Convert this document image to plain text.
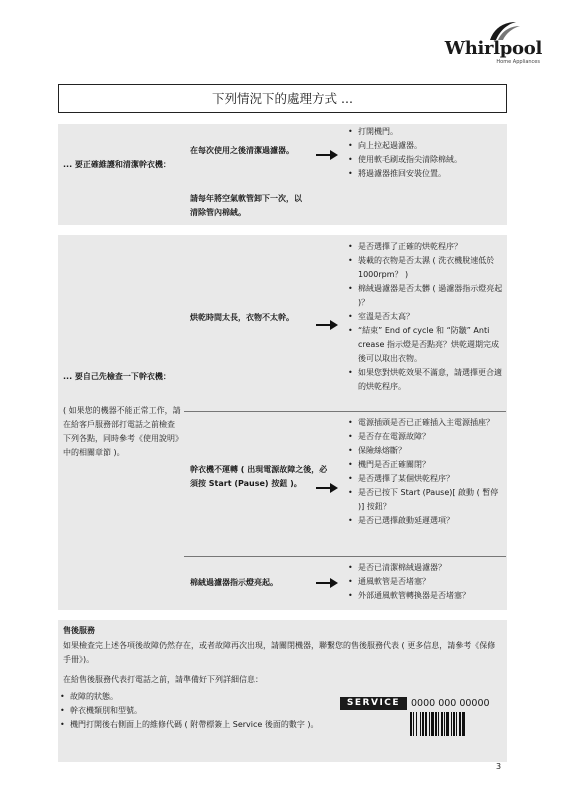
Whirlpool
Home Appliances
下列情況下的處理方式 ...
... 要正確維護和清潔幹衣機：
在每次使用之後清潔過濾器。
請每年將空氣軟管卸下一次，以清除管內棉絨。
• 打開機門。
• 向上拉起過濾器。
• 使用軟毛刷或指尖清除棉絨。
• 將過濾器推回安裝位置。
... 要自己先檢查一下幹衣機：
( 如果您的機器不能正常工作，請在給客戶服務部打電話之前檢查下列各點，同時參考《使用說明》中的相關章節 )。
烘乾時間太長，衣物不太幹。
• 是否選擇了正確的烘乾程序？
• 裝載的衣物是否太濕 ( 洗衣機脫速低於 1000rpm？ )
• 棉絨過濾器是否太髒 ( 過濾器指示燈亮起 )？
• 室溫是否太高？
• “結束” End of cycle 和 “防皺” Anti crease 指示燈是否點亮？烘乾週期完成後可以取出衣物。
• 如果您對烘乾效果不滿意，請選擇更合適的烘乾程序。
幹衣機不運轉 ( 出現電源故障之後，必須按 Start (Pause) 按鈕 )。
• 電源插頭是否已正確插入主電源插座？
• 是否存在電源故障？
• 保險絲熔斷？
• 機門是否正確關閉？
• 是否選擇了某個烘乾程序？
• 是否已按下 Start (Pause)[ 啟動 ( 暫停 )] 按鈕？
• 是否已選擇啟動延遲選項？
棉絨過濾器指示燈亮起。
• 是否已清潔棉絨過濾器？
• 通風軟管是否堵塞？
• 外部通風軟管轉換器是否堵塞？
售後服務
如果檢查完上述各項後故障仍然存在，或者故障再次出現，請關閉機器，聯繫您的售後服務代表 ( 更多信息，請參考《保修手冊》)。
在給售後服務代表打電話之前，請準備好下列詳細信息：
• 故障的狀態。
• 幹衣機類別和型號。
• 機門打開後右側面上的維修代碼 ( 附帶標簽上 Service 後面的數字 )。
SERVICE	0000 000 00000
3
